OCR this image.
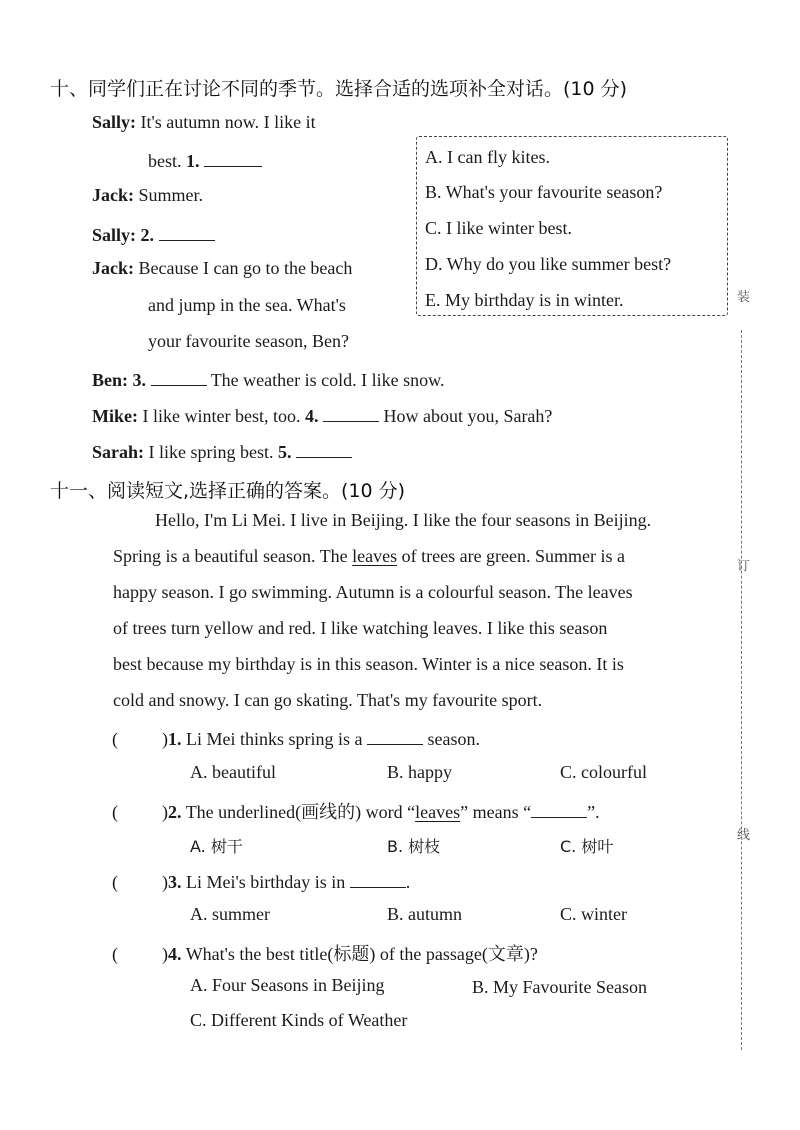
十、同学们正在讨论不同的季节。选择合适的选项补全对话。(10 分)
Sally: It's autumn now. I like it
best. 1.
Jack: Summer.
Sally: 2.
Jack: Because I can go to the beach
and jump in the sea. What's
your favourite season, Ben?
Ben: 3.	The weather is cold. I like snow.
Mike: I like winter best, too. 4.	How about you, Sarah?
Sarah: I like spring best. 5.
A. I can fly kites.
B. What's your favourite season?
C. I like winter best.
D. Why do you like summer best?
E. My birthday is in winter.
十一、阅读短文,选择正确的答案。(10 分)
Hello, I'm Li Mei. I live in Beijing. I like the four seasons in Beijing.
Spring is a beautiful season. The leaves of trees are green. Summer is a
happy season. I go swimming. Autumn is a colourful season. The leaves
of trees turn yellow and red. I like watching leaves. I like this season
best because my birthday is in this season. Winter is a nice season. It is
cold and snowy. I can go skating. That's my favourite sport.
( )1. Li Mei thinks spring is a	season.
A. beautiful	B. happy	C. colourful
( )2. The underlined(画线的) word “leaves” means “	”.
A. 树干	B. 树枝	C. 树叶
( )3. Li Mei's birthday is in	.
A. summer	B. autumn	C. winter
( )4. What's the best title(标题) of the passage(文章)?
A. Four Seasons in Beijing	B. My Favourite Season
C. Different Kinds of Weather
装
订
线
